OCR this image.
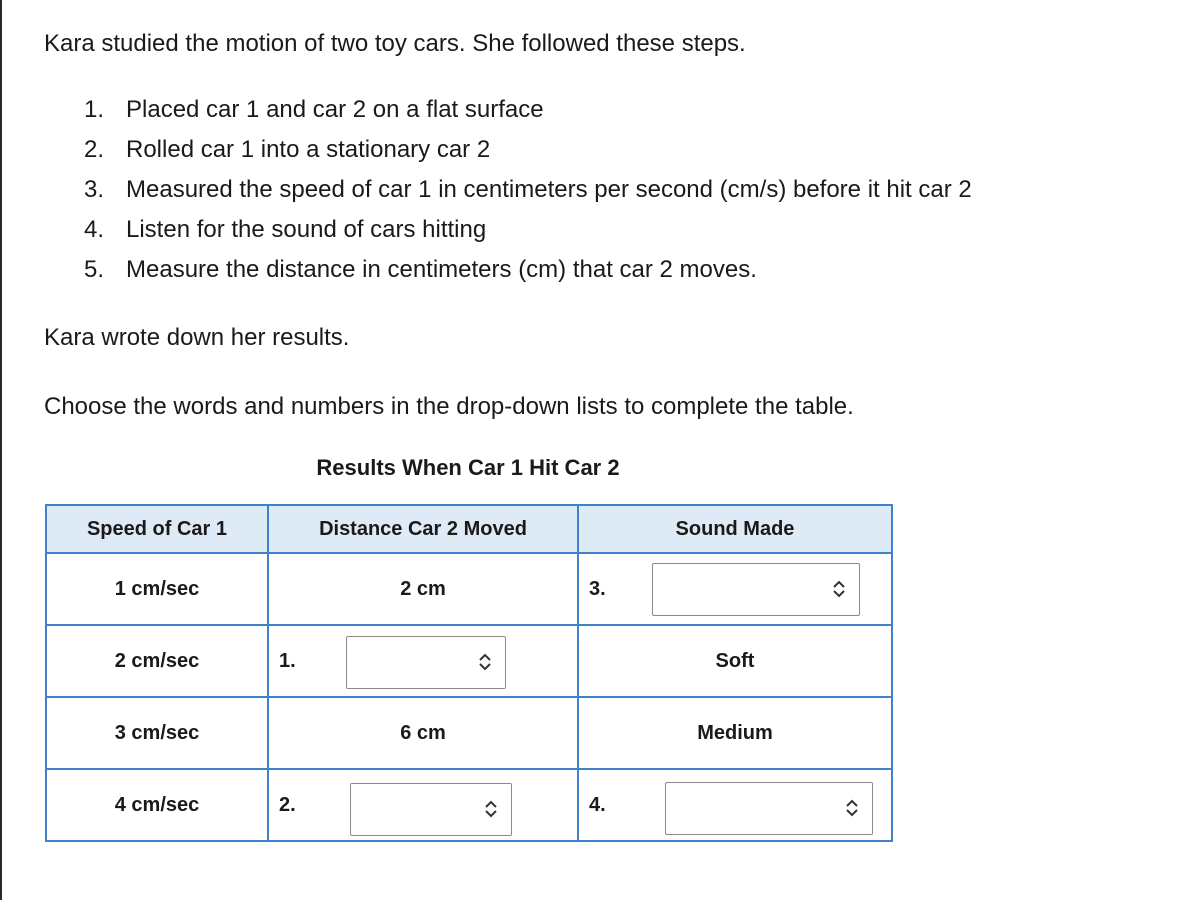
Kara studied the motion of two toy cars. She followed these steps.

1. Placed car 1 and car 2 on a flat surface
2. Rolled car 1 into a stationary car 2
3. Measured the speed of car 1 in centimeters per second (cm/s) before it hit car 2
4. Listen for the sound of cars hitting
5. Measure the distance in centimeters (cm) that car 2 moves.

Kara wrote down her results.

Choose the words and numbers in the drop-down lists to complete the table.

Results When Car 1 Hit Car 2

Speed of Car 1	Distance Car 2 Moved	Sound Made
1 cm/sec	2 cm	3.

2 cm/sec	1.	Soft
3 cm/sec	6 cm	Medium
4 cm/sec	2.	4.
